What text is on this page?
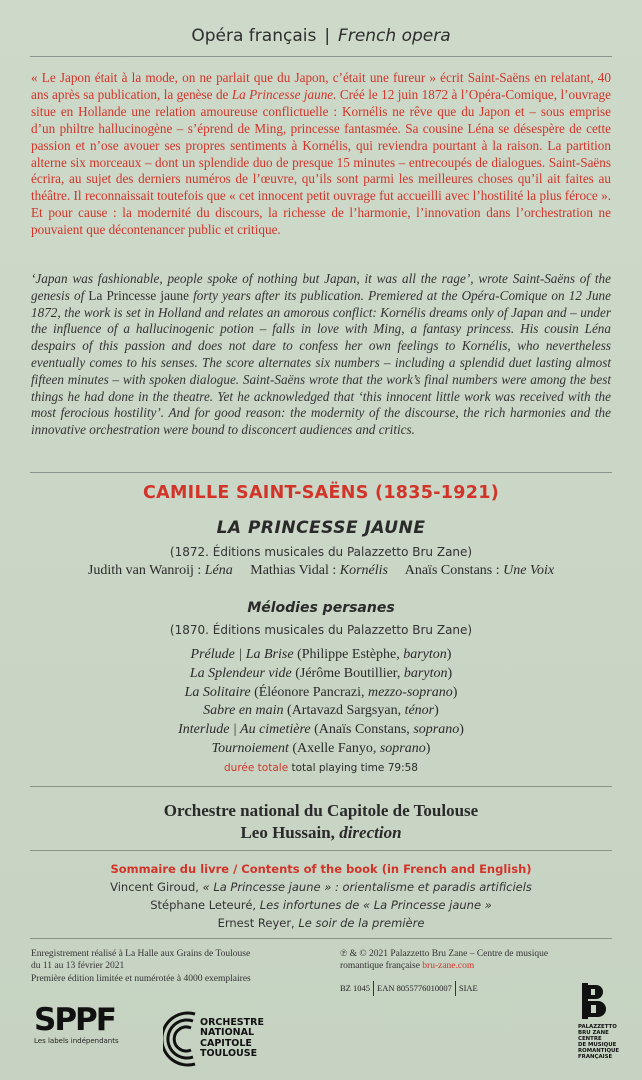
Opéra français | French opera
« Le Japon était à la mode, on ne parlait que du Japon, c’était une fureur » écrit Saint-Saëns en relatant, 40 ans après sa publication, la genèse de La Princesse jaune. Créé le 12 juin 1872 à l’Opéra-Comique, l’ouvrage situe en Hollande une relation amoureuse conflictuelle : Kornélis ne rêve que du Japon et – sous emprise d’un philtre hallucinogène – s’éprend de Ming, princesse fantasmée. Sa cousine Léna se désespère de cette passion et n’ose avouer ses propres sentiments à Kornélis, qui reviendra pourtant à la raison. La partition alterne six morceaux – dont un splendide duo de presque 15 minutes – entrecoupés de dialogues. Saint-Saëns écrira, au sujet des derniers numéros de l’œuvre, qu’ils sont parmi les meilleures choses qu’il ait faites au théâtre. Il reconnaissait toutefois que « cet innocent petit ouvrage fut accueilli avec l’hostilité la plus féroce ». Et pour cause : la modernité du discours, la richesse de l’harmonie, l’innovation dans l’orchestration ne pouvaient que décontenancer public et critique.
‘Japan was fashionable, people spoke of nothing but Japan, it was all the rage’, wrote Saint-Saëns of the genesis of La Princesse jaune forty years after its publication. Premiered at the Opéra-Comique on 12 June 1872, the work is set in Holland and relates an amorous conflict: Kornélis dreams only of Japan and – under the influence of a hallucinogenic potion – falls in love with Ming, a fantasy princess. His cousin Léna despairs of this passion and does not dare to confess her own feelings to Kornélis, who nevertheless eventually comes to his senses. The score alternates six numbers – including a splendid duet lasting almost fifteen minutes – with spoken dialogue. Saint-Saëns wrote that the work’s final numbers were among the best things he had done in the theatre. Yet he acknowledged that ‘this innocent little work was received with the most ferocious hostility’. And for good reason: the modernity of the discourse, the rich harmonies and the innovative orchestration were bound to disconcert audiences and critics.
CAMILLE SAINT-SAËNS (1835-1921)
LA PRINCESSE JAUNE
(1872. Éditions musicales du Palazzetto Bru Zane)
Judith van Wanroij : Léna Mathias Vidal : Kornélis Anaïs Constans : Une Voix
Mélodies persanes
(1870. Éditions musicales du Palazzetto Bru Zane)
Prélude | La Brise (Philippe Estèphe, baryton)
La Splendeur vide (Jérôme Boutillier, baryton)
La Solitaire (Éléonore Pancrazi, mezzo-soprano)
Sabre en main (Artavazd Sargsyan, ténor)
Interlude | Au cimetière (Anaïs Constans, soprano)
Tournoiement (Axelle Fanyo, soprano)
durée totale total playing time 79:58
Orchestre national du Capitole de Toulouse
Leo Hussain, direction
Sommaire du livre / Contents of the book (in French and English)
Vincent Giroud, « La Princesse jaune » : orientalisme et paradis artificiels
Stéphane Leteuré, Les infortunes de « La Princesse jaune »
Ernest Reyer, Le soir de la première
Enregistrement réalisé à La Halle aux Grains de Toulouse
du 11 au 13 février 2021
Première édition limitée et numérotée à 4000 exemplaires
℗ & © 2021 Palazzetto Bru Zane – Centre de musique
romantique française bru-zane.com
BZ 1045 EAN 8055776010007 SIAE
SPPF
Les labels indépendants
ORCHESTRE
NATIONAL
CAPITOLE
TOULOUSE
PALAZZETTO
BRU ZANE
CENTRE
DE MUSIQUE
ROMANTIQUE
FRANÇAISE
